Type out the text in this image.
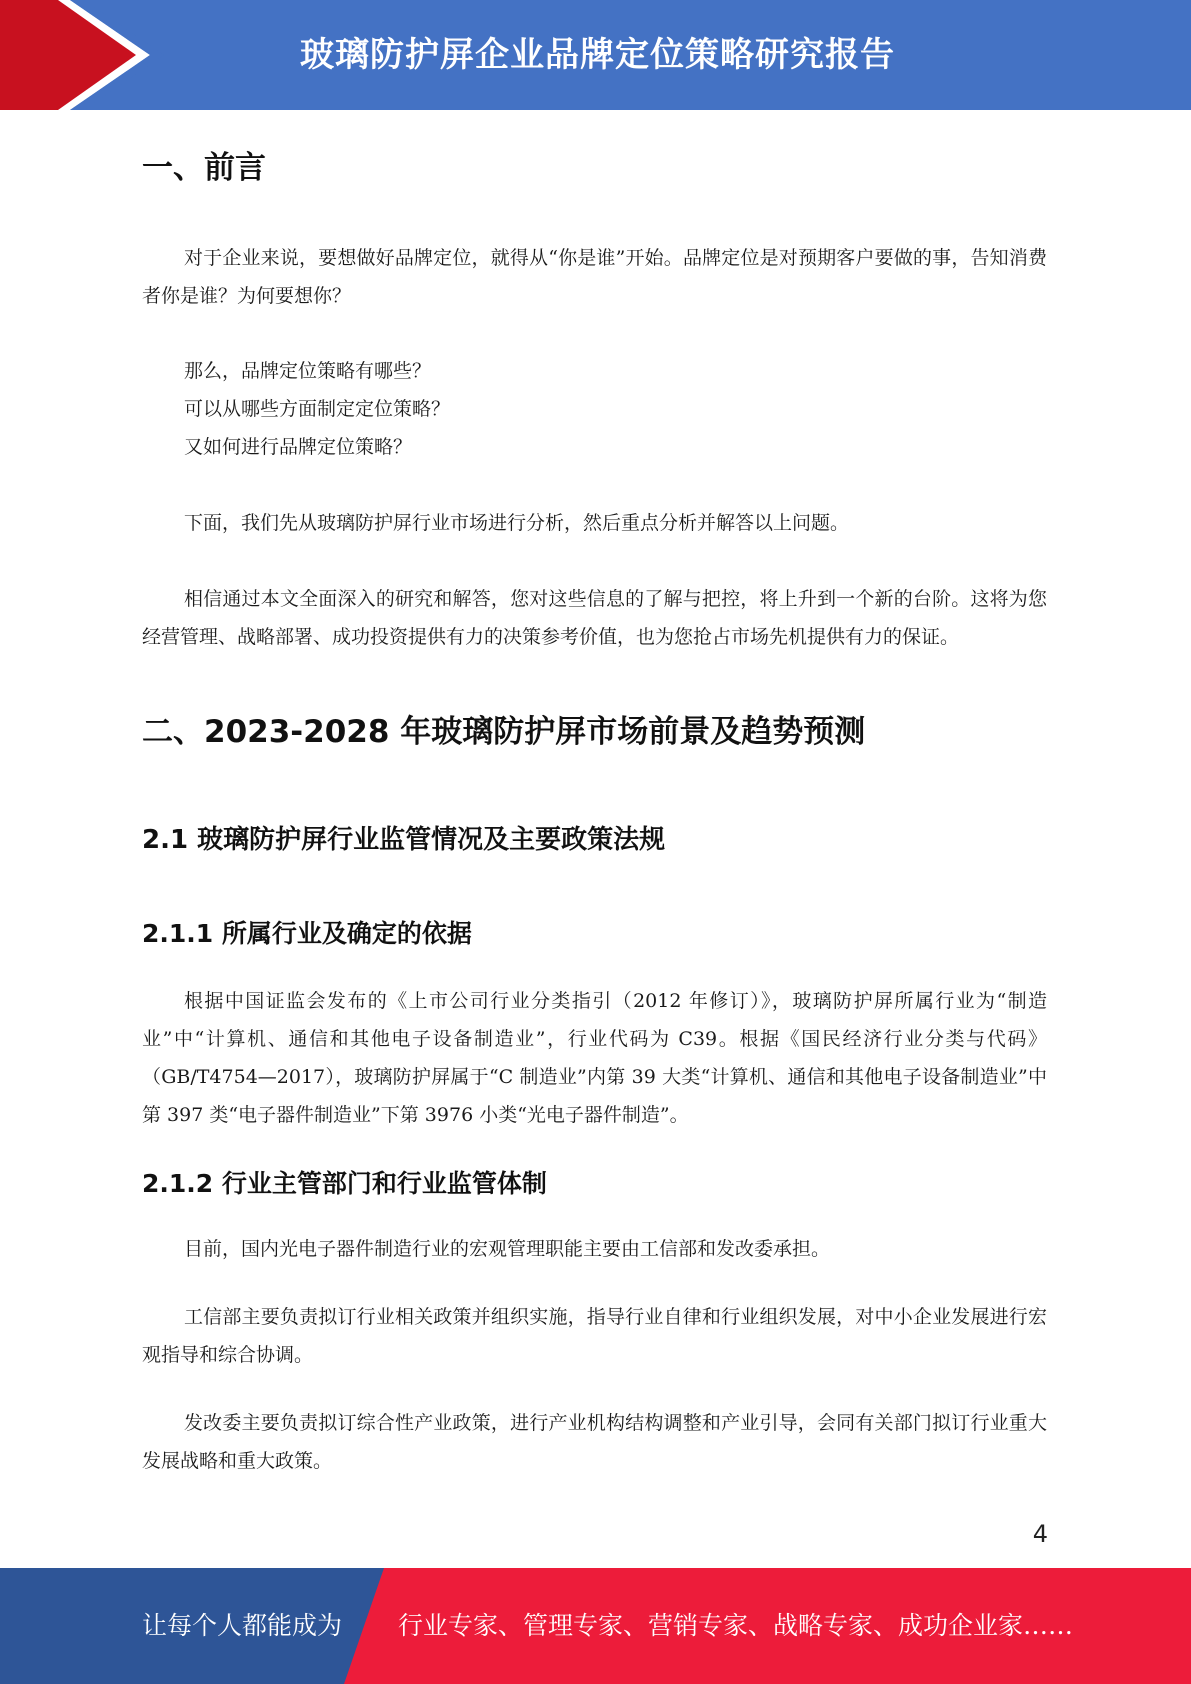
玻璃防护屏企业品牌定位策略研究报告
一、前言

对于企业来说，要想做好品牌定位，就得从“你是谁”开始。品牌定位是对预期客户要做的事，告知消费者你是谁？为何要想你？

那么，品牌定位策略有哪些？

可以从哪些方面制定定位策略？

又如何进行品牌定位策略？

下面，我们先从玻璃防护屏行业市场进行分析，然后重点分析并解答以上问题。

相信通过本文全面深入的研究和解答，您对这些信息的了解与把控，将上升到一个新的台阶。这将为您经营管理、战略部署、成功投资提供有力的决策参考价值，也为您抢占市场先机提供有力的保证。

二、2023-2028 年玻璃防护屏市场前景及趋势预测
2.1 玻璃防护屏行业监管情况及主要政策法规
2.1.1 所属行业及确定的依据

根据中国证监会发布的《上市公司行业分类指引（2012 年修订）》，玻璃防护屏所属行业为“制造业”中“计算机、通信和其他电子设备制造业”，行业代码为 C39。根据《国民经济行业分类与代码》（GB/T4754—2017），玻璃防护屏属于“C 制造业”内第 39 大类“计算机、通信和其他电子设备制造业”中第 397 类“电子器件制造业”下第 3976 小类“光电子器件制造”。

2.1.2 行业主管部门和行业监管体制

目前，国内光电子器件制造行业的宏观管理职能主要由工信部和发改委承担。

工信部主要负责拟订行业相关政策并组织实施，指导行业自律和行业组织发展，对中小企业发展进行宏观指导和综合协调。

发改委主要负责拟订综合性产业政策，进行产业机构结构调整和产业引导，会同有关部门拟订行业重大发展战略和重大政策。

4
让每个人都能成为 行业专家、管理专家、营销专家、战略专家、成功企业家……
